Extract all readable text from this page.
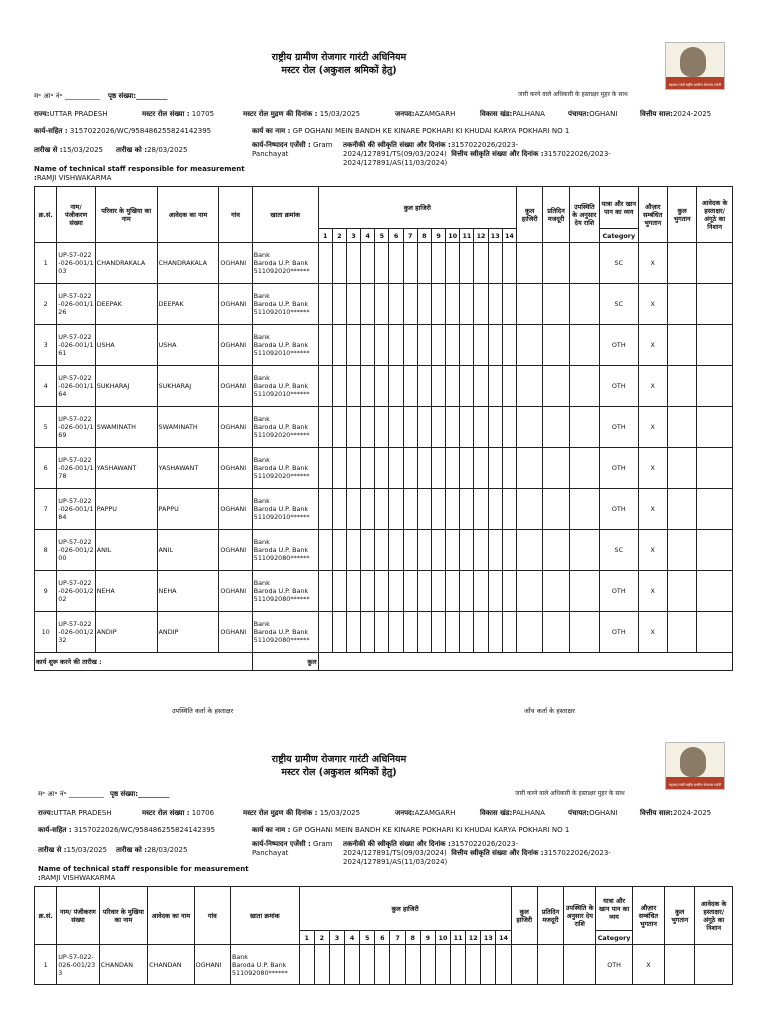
राष्ट्रीय ग्रामीण रोजगार गारंटी अधिनियम
मस्टर रोल (अकुशल श्रमिकों हेतु)
महात्मा गांधी राष्ट्रीय ग्रामीण रोजगार गारंटी
म॰ आ॰ नं॰ __________ पृष्ठ संख्या:_________	जारी करने वाले अधिकारी के हस्ताक्षर मुहर के साथ
राज्य:UTTAR PRADESH	मस्टर रोल संख्या : 10705	मस्टर रोल मुद्रण की दिनांक : 15/03/2025	जनपद:AZAMGARH	विकास खंड:PALHANA	पंचायत:OGHANI	वित्तीय साल:2024-2025
कार्य-सहित : 3157022026/WC/958486255824142395	कार्य का नाम : GP OGHANI MEIN BANDH KE KINARE POKHARI KI KHUDAI KARYA POKHARI NO 1
तारीख से :15/03/2025 तारीख को :28/03/2025
कार्य-निष्पादन एजेंसी : Gram Panchayat
तकनीकी की स्वीकृति संख्या और दिनांक :3157022026/2023-2024/127891/TS(09/03/2024) वित्तीय स्वीकृति संख्या और दिनांक :3157022026/2023-2024/127891/AS(11/03/2024)
Name of technical staff responsible for measurement :RAMJI VISHWAKARMA
क्र.सं.	नाम/ पंजीकरण संख्या	परिवार के मुखिया का नाम	आवेदक का नाम	गांव	खाता क्रमांक	कुल हाजिरी														कुल हाजिरी	प्रतिदिन मजदूरी	उपस्थिति के अनुसार देय राशि	यात्रा और खान पान का व्यय	औज़ार सम्बंधित भुगतान	कुल भुगतान	आवेदक के हस्ताक्षर/ अंगूठे का निशान
						1	2	3	4	5	6	7	8	9	10	11	12	13	14				Category			
1	UP-57-022-026-001/103	CHANDRAKALA	CHANDRAKALA	OGHANI	Bank
Baroda U.P. Bank
511092020******																		SC	X		
2	UP-57-022-026-001/126	DEEPAK	DEEPAK	OGHANI	Bank
Baroda U.P. Bank
511092010******																		SC	X		
3	UP-57-022-026-001/161	USHA	USHA	OGHANI	Bank
Baroda U.P. Bank
511092010******																		OTH	X		
4	UP-57-022-026-001/164	SUKHARAJ	SUKHARAJ	OGHANI	Bank
Baroda U.P. Bank
511092010******																		OTH	X		
5	UP-57-022-026-001/169	SWAMINATH	SWAMINATH	OGHANI	Bank
Baroda U.P. Bank
511092020******																		OTH	X		
6	UP-57-022-026-001/178	YASHAWANT	YASHAWANT	OGHANI	Bank
Baroda U.P. Bank
511092020******																		OTH	X		
7	UP-57-022-026-001/184	PAPPU	PAPPU	OGHANI	Bank
Baroda U.P. Bank
511092010******																		OTH	X		
8	UP-57-022-026-001/200	ANIL	ANIL	OGHANI	Bank
Baroda U.P. Bank
511092080******																		SC	X		
9	UP-57-022-026-001/202	NEHA	NEHA	OGHANI	Bank
Baroda U.P. Bank
511092080******																		OTH	X		
10	UP-57-022-026-001/232	ANDIP	ANDIP	OGHANI	Bank
Baroda U.P. Bank
511092080******																		OTH	X		
कार्य शुरू करने की तारीख :					कुल																					
उपस्थिति कर्ता के हस्ताक्षर	जाँच कर्ता के हस्ताक्षर
राष्ट्रीय ग्रामीण रोजगार गारंटी अधिनियम
मस्टर रोल (अकुशल श्रमिकों हेतु)
महात्मा गांधी राष्ट्रीय ग्रामीण रोजगार गारंटी
म॰ आ॰ नं॰ __________ पृष्ठ संख्या:_________	जारी करने वाले अधिकारी के हस्ताक्षर मुहर के साथ
राज्य:UTTAR PRADESH	मस्टर रोल संख्या : 10706	मस्टर रोल मुद्रण की दिनांक : 15/03/2025	जनपद:AZAMGARH	विकास खंड:PALHANA	पंचायत:OGHANI	वित्तीय साल:2024-2025
कार्य-सहित : 3157022026/WC/958486255824142395	कार्य का नाम : GP OGHANI MEIN BANDH KE KINARE POKHARI KI KHUDAI KARYA POKHARI NO 1
तारीख से :15/03/2025 तारीख को :28/03/2025
कार्य-निष्पादन एजेंसी : Gram Panchayat
तकनीकी की स्वीकृति संख्या और दिनांक :3157022026/2023-2024/127891/TS(09/03/2024) वित्तीय स्वीकृति संख्या और दिनांक :3157022026/2023-2024/127891/AS(11/03/2024)
Name of technical staff responsible for measurement :RAMJI VISHWAKARMA
क्र.सं.	नाम/ पंजीकरण संख्या	परिवार के मुखिया का नाम	आवेदक का नाम	गांव	खाता क्रमांक	कुल हाजिरी														कुल हाजिरी	प्रतिदिन मजदूरी	उपस्थिति के अनुसार देय राशि	यात्रा और खान पान का व्यय	औज़ार सम्बंधित भुगतान	कुल भुगतान	आवेदक के हस्ताक्षर/ अंगूठे का निशान
						1	2	3	4	5	6	7	8	9	10	11	12	13	14				Category			
1	UP-57-022-026-001/233	CHANDAN	CHANDAN	OGHANI	Bank
Baroda U.P. Bank
511092080******																		OTH	X		
